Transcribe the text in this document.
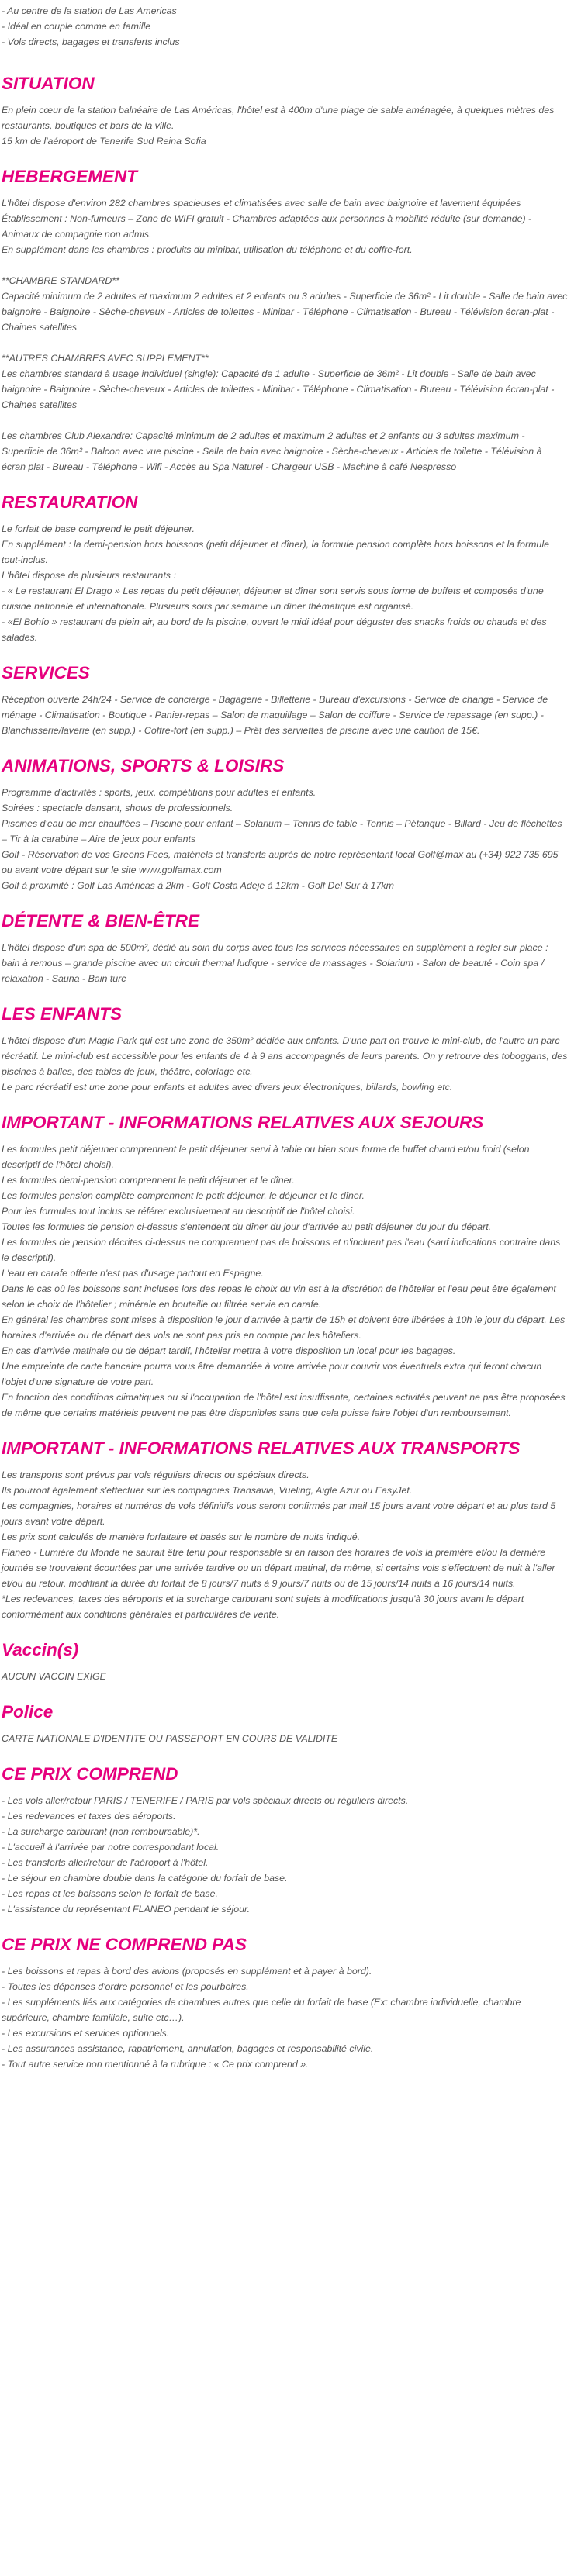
- Au centre de la station de Las Americas

- Idéal en couple comme en famille

- Vols directs, bagages et transferts inclus

SITUATION

En plein cœur de la station balnéaire de Las Américas, l'hôtel est à 400m d'une plage de sable aménagée, à quelques mètres des restaurants, boutiques et bars de la ville.

15 km de l'aéroport de Tenerife Sud Reina Sofia

HEBERGEMENT

L'hôtel dispose d'environ 282 chambres spacieuses et climatisées avec salle de bain avec baignoire et lavement équipées

Établissement : Non-fumeurs – Zone de WIFI gratuit - Chambres adaptées aux personnes à mobilité réduite (sur demande) - Animaux de compagnie non admis.

En supplément dans les chambres : produits du minibar, utilisation du téléphone et du coffre-fort.

**CHAMBRE STANDARD**

Capacité minimum de 2 adultes et maximum 2 adultes et 2 enfants ou 3 adultes - Superficie de 36m² - Lit double - Salle de bain avec baignoire - Baignoire - Sèche-cheveux - Articles de toilettes - Minibar - Téléphone - Climatisation - Bureau - Télévision écran-plat - Chaines satellites

**AUTRES CHAMBRES AVEC SUPPLEMENT**

Les chambres standard à usage individuel (single): Capacité de 1 adulte - Superficie de 36m² - Lit double - Salle de bain avec baignoire - Baignoire - Sèche-cheveux - Articles de toilettes - Minibar - Téléphone - Climatisation - Bureau - Télévision écran-plat - Chaines satellites

Les chambres Club Alexandre: Capacité minimum de 2 adultes et maximum 2 adultes et 2 enfants ou 3 adultes maximum - Superficie de 36m² - Balcon avec vue piscine - Salle de bain avec baignoire - Sèche-cheveux - Articles de toilette - Télévision à écran plat - Bureau - Téléphone - Wifi - Accès au Spa Naturel - Chargeur USB - Machine à café Nespresso

RESTAURATION

Le forfait de base comprend le petit déjeuner.

En supplément : la demi-pension hors boissons (petit déjeuner et dîner), la formule pension complète hors boissons et la formule tout-inclus.

L'hôtel dispose de plusieurs restaurants :

- « Le restaurant El Drago » Les repas du petit déjeuner, déjeuner et dîner sont servis sous forme de buffets et composés d'une cuisine nationale et internationale. Plusieurs soirs par semaine un dîner thématique est organisé.

- «El Bohío » restaurant de plein air, au bord de la piscine, ouvert le midi idéal pour déguster des snacks froids ou chauds et des salades.

SERVICES

Réception ouverte 24h/24 - Service de concierge - Bagagerie - Billetterie - Bureau d'excursions - Service de change - Service de ménage - Climatisation - Boutique - Panier-repas – Salon de maquillage – Salon de coiffure - Service de repassage (en supp.) - Blanchisserie/laverie (en supp.) - Coffre-fort (en supp.) – Prêt des serviettes de piscine avec une caution de 15€.

ANIMATIONS, SPORTS & LOISIRS

Programme d'activités : sports, jeux, compétitions pour adultes et enfants.

Soirées : spectacle dansant, shows de professionnels.

Piscines d'eau de mer chauffées – Piscine pour enfant – Solarium – Tennis de table - Tennis – Pétanque - Billard - Jeu de fléchettes – Tir à la carabine – Aire de jeux pour enfants

Golf - Réservation de vos Greens Fees, matériels et transferts auprès de notre représentant local Golf@max au (+34) 922 735 695 ou avant votre départ sur le site www.golfamax.com

Golf à proximité : Golf Las Américas à 2km - Golf Costa Adeje à 12km - Golf Del Sur à 17km

DÉTENTE & BIEN-ÊTRE

L'hôtel dispose d'un spa de 500m², dédié au soin du corps avec tous les services nécessaires en supplément à régler sur place : bain à remous – grande piscine avec un circuit thermal ludique - service de massages - Solarium - Salon de beauté - Coin spa / relaxation - Sauna - Bain turc

LES ENFANTS

L'hôtel dispose d'un Magic Park qui est une zone de 350m² dédiée aux enfants. D'une part on trouve le mini-club, de l'autre un parc récréatif. Le mini-club est accessible pour les enfants de 4 à 9 ans accompagnés de leurs parents. On y retrouve des toboggans, des piscines à balles, des tables de jeux, théâtre, coloriage etc.

Le parc récréatif est une zone pour enfants et adultes avec divers jeux électroniques, billards, bowling etc.

IMPORTANT - INFORMATIONS RELATIVES AUX SEJOURS

Les formules petit déjeuner comprennent le petit déjeuner servi à table ou bien sous forme de buffet chaud et/ou froid (selon descriptif de l'hôtel choisi).

Les formules demi-pension comprennent le petit déjeuner et le dîner.

Les formules pension complète comprennent le petit déjeuner, le déjeuner et le dîner.

Pour les formules tout inclus se référer exclusivement au descriptif de l'hôtel choisi.

Toutes les formules de pension ci-dessus s'entendent du dîner du jour d'arrivée au petit déjeuner du jour du départ.

Les formules de pension décrites ci-dessus ne comprennent pas de boissons et n'incluent pas l'eau (sauf indications contraire dans le descriptif).

L'eau en carafe offerte n'est pas d'usage partout en Espagne.

Dans le cas où les boissons sont incluses lors des repas le choix du vin est à la discrétion de l'hôtelier et l'eau peut être également selon le choix de l'hôtelier ; minérale en bouteille ou filtrée servie en carafe.

En général les chambres sont mises à disposition le jour d'arrivée à partir de 15h et doivent être libérées à 10h le jour du départ. Les horaires d'arrivée ou de départ des vols ne sont pas pris en compte par les hôteliers.

En cas d'arrivée matinale ou de départ tardif, l'hôtelier mettra à votre disposition un local pour les bagages.

Une empreinte de carte bancaire pourra vous être demandée à votre arrivée pour couvrir vos éventuels extra qui feront chacun l'objet d'une signature de votre part.

En fonction des conditions climatiques ou si l'occupation de l'hôtel est insuffisante, certaines activités peuvent ne pas être proposées de même que certains matériels peuvent ne pas être disponibles sans que cela puisse faire l'objet d'un remboursement.

IMPORTANT - INFORMATIONS RELATIVES AUX TRANSPORTS

Les transports sont prévus par vols réguliers directs ou spéciaux directs.

Ils pourront également s'effectuer sur les compagnies Transavia, Vueling, Aigle Azur ou EasyJet.

Les compagnies, horaires et numéros de vols définitifs vous seront confirmés par mail 15 jours avant votre départ et au plus tard 5 jours avant votre départ.

Les prix sont calculés de manière forfaitaire et basés sur le nombre de nuits indiqué.

Flaneo - Lumière du Monde ne saurait être tenu pour responsable si en raison des horaires de vols la première et/ou la dernière journée se trouvaient écourtées par une arrivée tardive ou un départ matinal, de même, si certains vols s'effectuent de nuit à l'aller et/ou au retour, modifiant la durée du forfait de 8 jours/7 nuits à 9 jours/7 nuits ou de 15 jours/14 nuits à 16 jours/14 nuits.

*Les redevances, taxes des aéroports et la surcharge carburant sont sujets à modifications jusqu'à 30 jours avant le départ conformément aux conditions générales et particulières de vente.

Vaccin(s)

AUCUN VACCIN EXIGE

Police

CARTE NATIONALE D'IDENTITE OU PASSEPORT EN COURS DE VALIDITE

CE PRIX COMPREND

- Les vols aller/retour PARIS / TENERIFE / PARIS par vols spéciaux directs ou réguliers directs.

- Les redevances et taxes des aéroports.

- La surcharge carburant (non remboursable)*.

- L'accueil à l'arrivée par notre correspondant local.

- Les transferts aller/retour de l'aéroport à l'hôtel.

- Le séjour en chambre double dans la catégorie du forfait de base.

- Les repas et les boissons selon le forfait de base.

- L'assistance du représentant FLANEO pendant le séjour.

CE PRIX NE COMPREND PAS

- Les boissons et repas à bord des avions (proposés en supplément et à payer à bord).

- Toutes les dépenses d'ordre personnel et les pourboires.

- Les suppléments liés aux catégories de chambres autres que celle du forfait de base (Ex: chambre individuelle, chambre supérieure, chambre familiale, suite etc…).

- Les excursions et services optionnels.

- Les assurances assistance, rapatriement, annulation, bagages et responsabilité civile.

- Tout autre service non mentionné à la rubrique : « Ce prix comprend ».
